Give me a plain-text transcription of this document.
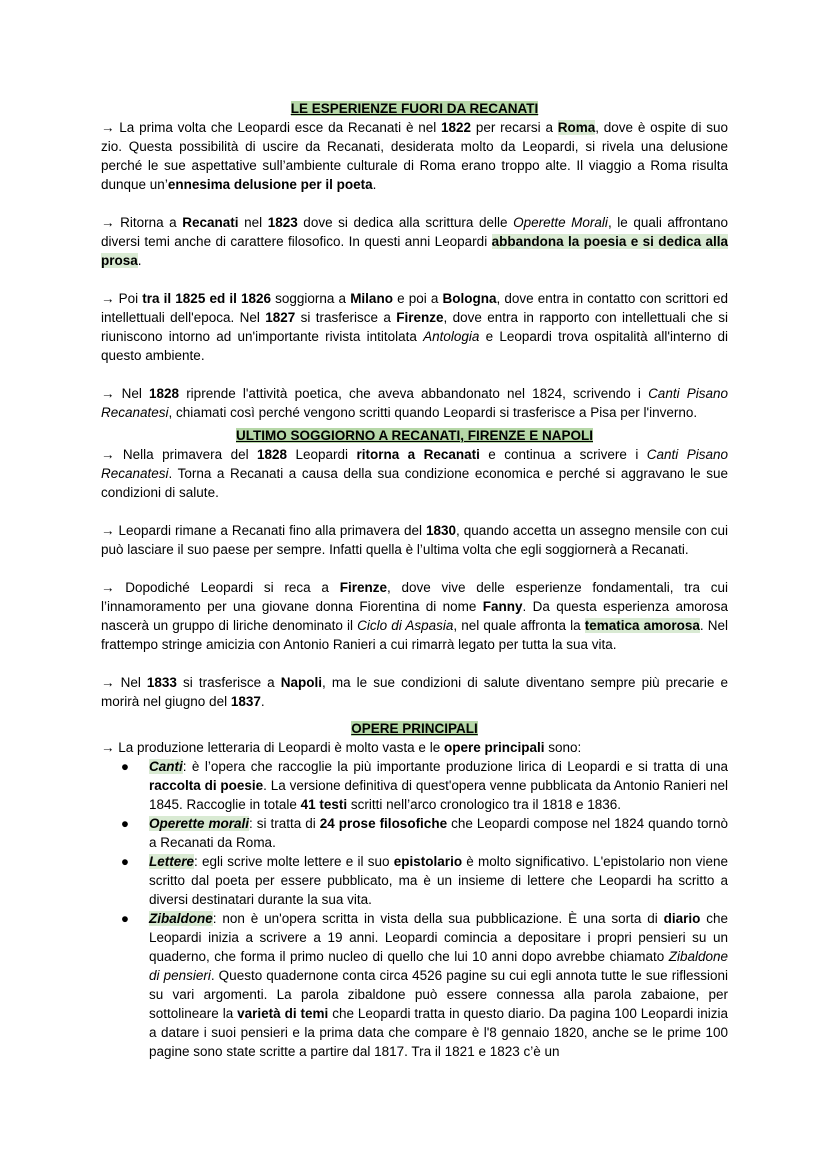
LE ESPERIENZE FUORI DA RECANATI

→ La prima volta che Leopardi esce da Recanati è nel 1822 per recarsi a Roma, dove è ospite di suo zio. Questa possibilità di uscire da Recanati, desiderata molto da Leopardi, si rivela una delusione perché le sue aspettative sull’ambiente culturale di Roma erano troppo alte. Il viaggio a Roma risulta dunque un’ennesima delusione per il poeta.

→ Ritorna a Recanati nel 1823 dove si dedica alla scrittura delle Operette Morali, le quali affrontano diversi temi anche di carattere filosofico. In questi anni Leopardi abbandona la poesia e si dedica alla prosa.

→ Poi tra il 1825 ed il 1826 soggiorna a Milano e poi a Bologna, dove entra in contatto con scrittori ed intellettuali dell'epoca. Nel 1827 si trasferisce a Firenze, dove entra in rapporto con intellettuali che si riuniscono intorno ad un'importante rivista intitolata Antologia e Leopardi trova ospitalità all'interno di questo ambiente.

→ Nel 1828 riprende l'attività poetica, che aveva abbandonato nel 1824, scrivendo i Canti Pisano Recanatesi, chiamati così perché vengono scritti quando Leopardi si trasferisce a Pisa per l'inverno.

ULTIMO SOGGIORNO A RECANATI, FIRENZE E NAPOLI

→ Nella primavera del 1828 Leopardi ritorna a Recanati e continua a scrivere i Canti Pisano Recanatesi. Torna a Recanati a causa della sua condizione economica e perché si aggravano le sue condizioni di salute.

→ Leopardi rimane a Recanati fino alla primavera del 1830, quando accetta un assegno mensile con cui può lasciare il suo paese per sempre. Infatti quella è l’ultima volta che egli soggiornerà a Recanati.

→ Dopodiché Leopardi si reca a Firenze, dove vive delle esperienze fondamentali, tra cui l’innamoramento per una giovane donna Fiorentina di nome Fanny. Da questa esperienza amorosa nascerà un gruppo di liriche denominato il Ciclo di Aspasia, nel quale affronta la tematica amorosa. Nel frattempo stringe amicizia con Antonio Ranieri a cui rimarrà legato per tutta la sua vita.

→ Nel 1833 si trasferisce a Napoli, ma le sue condizioni di salute diventano sempre più precarie e morirà nel giugno del 1837.

OPERE PRINCIPALI

→ La produzione letteraria di Leopardi è molto vasta e le opere principali sono:

● Canti: è l’opera che raccoglie la più importante produzione lirica di Leopardi e si tratta di una raccolta di poesie. La versione definitiva di quest'opera venne pubblicata da Antonio Ranieri nel 1845. Raccoglie in totale 41 testi scritti nell’arco cronologico tra il 1818 e 1836.
● Operette morali: si tratta di 24 prose filosofiche che Leopardi compose nel 1824 quando tornò a Recanati da Roma.
● Lettere: egli scrive molte lettere e il suo epistolario è molto significativo. L'epistolario non viene scritto dal poeta per essere pubblicato, ma è un insieme di lettere che Leopardi ha scritto a diversi destinatari durante la sua vita.
● Zibaldone: non è un'opera scritta in vista della sua pubblicazione. È una sorta di diario che Leopardi inizia a scrivere a 19 anni. Leopardi comincia a depositare i propri pensieri su un quaderno, che forma il primo nucleo di quello che lui 10 anni dopo avrebbe chiamato Zibaldone di pensieri. Questo quadernone conta circa 4526 pagine su cui egli annota tutte le sue riflessioni su vari argomenti. La parola zibaldone può essere connessa alla parola zabaione, per sottolineare la varietà di temi che Leopardi tratta in questo diario. Da pagina 100 Leopardi inizia a datare i suoi pensieri e la prima data che compare è l'8 gennaio 1820, anche se le prime 100 pagine sono state scritte a partire dal 1817. Tra il 1821 e 1823 c’è un
